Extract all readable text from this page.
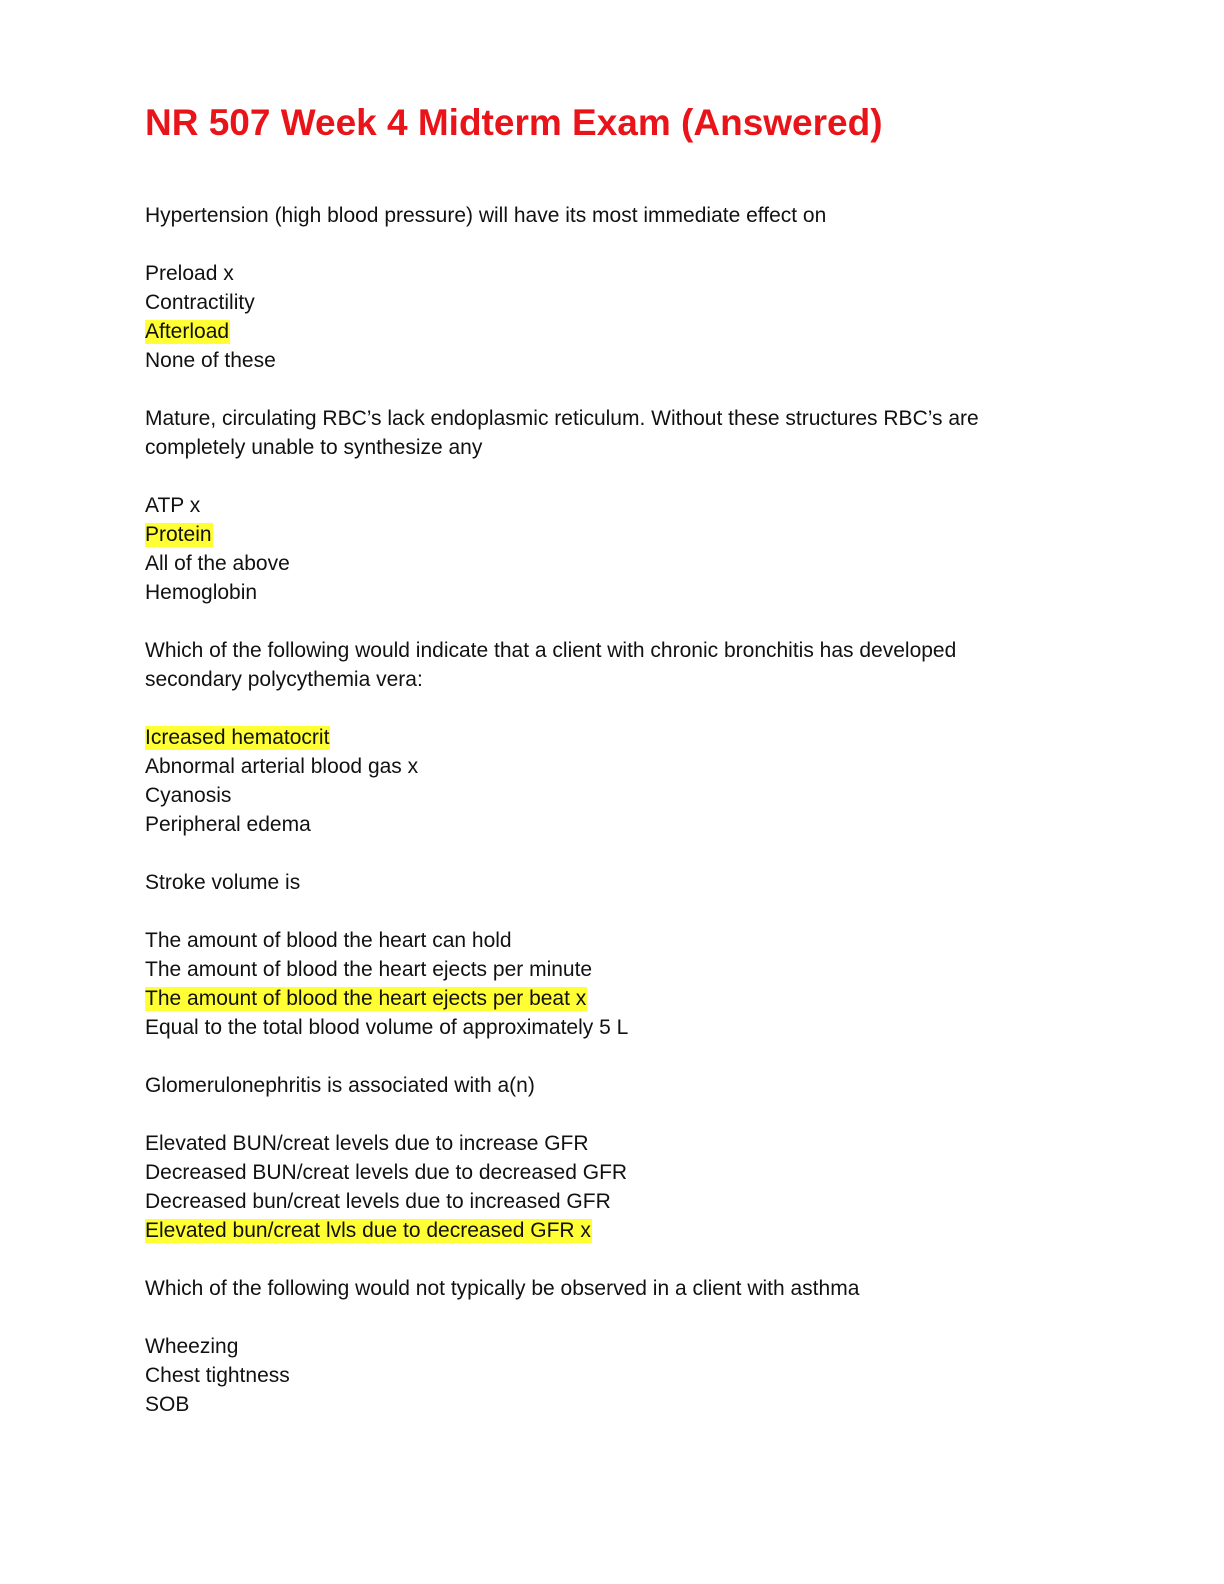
NR 507 Week 4 Midterm Exam (Answered)

Hypertension (high blood pressure) will have its most immediate effect on

Preload x
Contractility
Afterload
None of these

Mature, circulating RBC’s lack endoplasmic reticulum. Without these structures RBC’s are completely unable to synthesize any

ATP x
Protein
All of the above
Hemoglobin

Which of the following would indicate that a client with chronic bronchitis has developed secondary polycythemia vera:

Icreased hematocrit
Abnormal arterial blood gas x
Cyanosis
Peripheral edema

Stroke volume is

The amount of blood the heart can hold
The amount of blood the heart ejects per minute
The amount of blood the heart ejects per beat x
Equal to the total blood volume of approximately 5 L

Glomerulonephritis is associated with a(n)

Elevated BUN/creat levels due to increase GFR
Decreased BUN/creat levels due to decreased GFR
Decreased bun/creat levels due to increased GFR
Elevated bun/creat lvls due to decreased GFR x

Which of the following would not typically be observed in a client with asthma

Wheezing
Chest tightness
SOB
